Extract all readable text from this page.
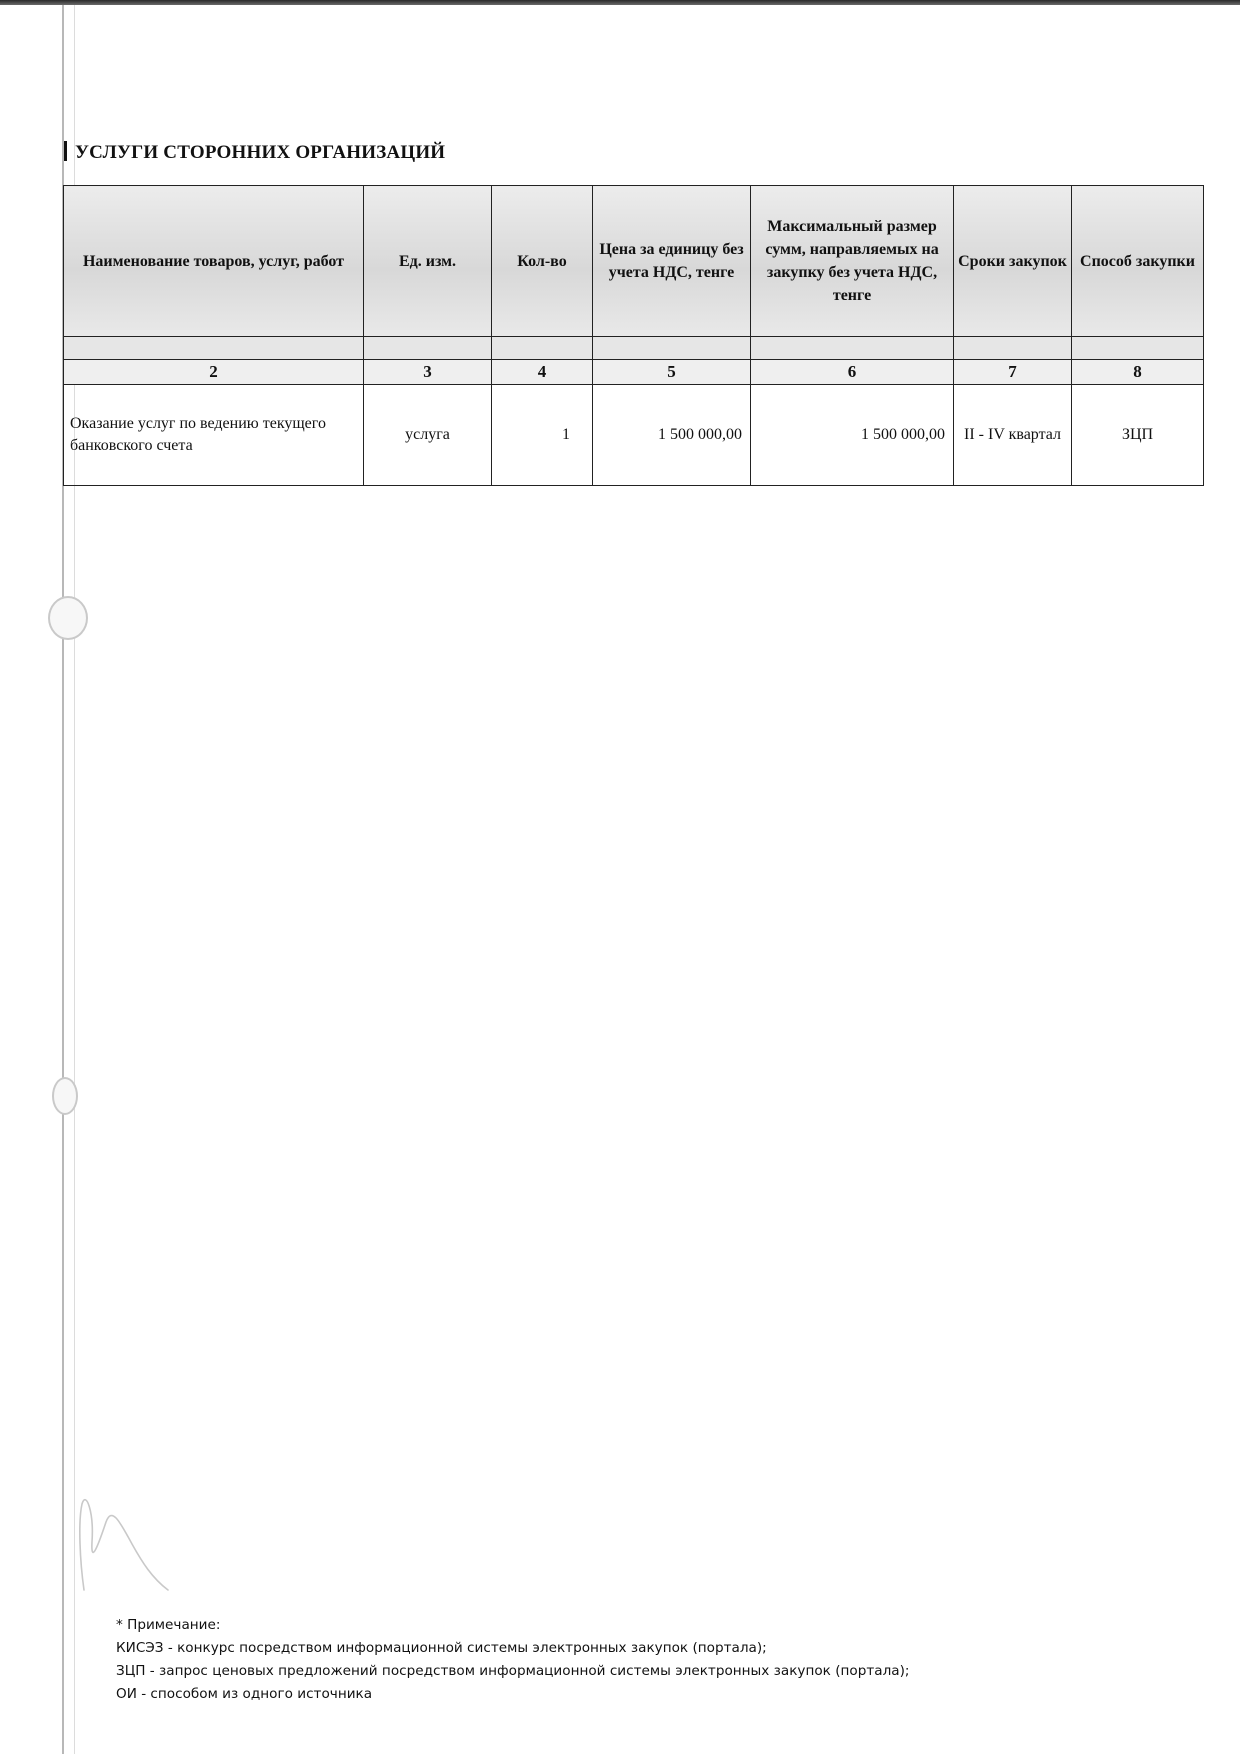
УСЛУГИ СТОРОННИХ ОРГАНИЗАЦИЙ
Наименование товаров, услуг, работ	Ед. изм.	Кол-во	Цена за единицу без учета НДС, тенге	Максимальный размер сумм, направляемых на закупку без учета НДС, тенге	Сроки закупок	Способ закупки

2	3	4	5	6	7	8
Оказание услуг по ведению текущего банковского счета	услуга	1	1 500 000,00	1 500 000,00	II - IV квартал	ЗЦП
* Примечание:
КИСЭЗ - конкурс посредством информационной системы электронных закупок (портала);
ЗЦП - запрос ценовых предложений посредством информационной системы электронных закупок (портала);
ОИ - способом из одного источника
